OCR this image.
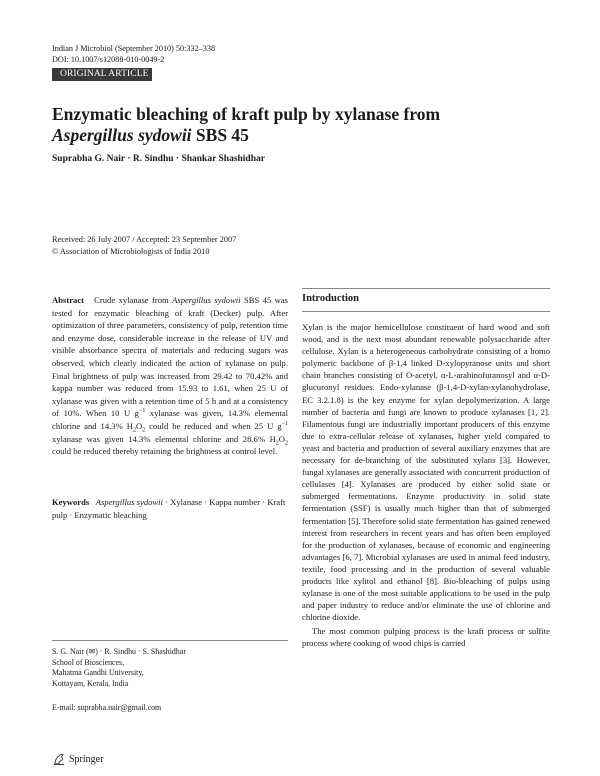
Indian J Microbiol (September 2010) 50:332–338
DOI: 10.1007/s12088-010-0049-2
ORIGINAL ARTICLE
Enzymatic bleaching of kraft pulp by xylanase from
Aspergillus sydowii SBS 45
Suprabha G. Nair · R. Sindhu · Shankar Shashidhar
Received: 26 July 2007 / Accepted: 23 September 2007
© Association of Microbiologists of India 2010
Abstract Crude xylanase from Aspergillus sydowii SBS 45 was tested for enzymatic bleaching of kraft (Decker) pulp. After optimization of three parameters, consistency of pulp, retention time and enzyme dose, considerable increase in the release of UV and visible absorbance spectra of materials and reducing sugars was observed, which clearly indicated the action of xylanase on pulp. Final brightness of pulp was increased from 29.42 to 70.42% and kappa number was reduced from 15.93 to 1.61, when 25 U of xylanase was given with a retention time of 5 h and at a consistency of 10%. When 10 U $g^{-1}$ xylanase was given, 14.3% elemental chlorine and 14.3% $H_2O_2$ could be reduced and when 25 U $g^{-1}$ xylanase was given 14.3% elemental chlorine and 28.6% $H_2O_2$ could be reduced thereby retaining the brightness at control level.
Keywords Aspergillus sydowii · Xylanase · Kappa number · Kraft pulp · Enzymatic bleaching
S. G. Nair (✉) · R. Sindhu · S. Shashidhar
School of Biosciences,
Mahatma Gandhi University,
Kottayam, Kerala, India
E-mail: suprabha.nair@gmail.com
Springer
Introduction

Xylan is the major hemicellulose constituent of hard wood and soft wood, and is the next most abundant renewable polysaccharide after cellulose. Xylan is a heterogeneous carbohydrate consisting of a homo polymeric backbone of β-1,4 linked D-xylopyranose units and short chain branches consisting of O-acetyl, α-L-arabinofuranosyl and α-D-glucuronyl residues. Endo-xylanase (β-1,4-D-xylan-xylanohydrolase, EC 3.2.1.8) is the key enzyme for xylan depolymerization. A large number of bacteria and fungi are known to produce xylanases [1, 2]. Filamentous fungi are industrially important producers of this enzyme due to extra-cellular release of xylanases, higher yield compared to yeast and bacteria and production of several auxiliary enzymes that are necessary for de-branching of the substituted xylans [3]. However, fungal xylanases are generally associated with concurrent production of cellulases [4]. Xylanases are produced by either solid state or submerged fermentations. Enzyme productivity in solid state fermentation (SSF) is usually much higher than that of submerged fermentation [5]. Therefore solid state fermentation has gained renewed interest from researchers in recent years and has often been employed for the production of xylanases, because of economic and engineering advantages [6, 7]. Microbial xylanases are used in animal feed industry, textile, food processing and in the production of several valuable products like xylitol and ethanol [8]. Bio-bleaching of pulps using xylanase is one of the most suitable applications to be used in the pulp and paper industry to reduce and/or eliminate the use of chlorine and chlorine dioxide.

The most common pulping process is the kraft process or sulfite process where cooking of wood chips is carried
